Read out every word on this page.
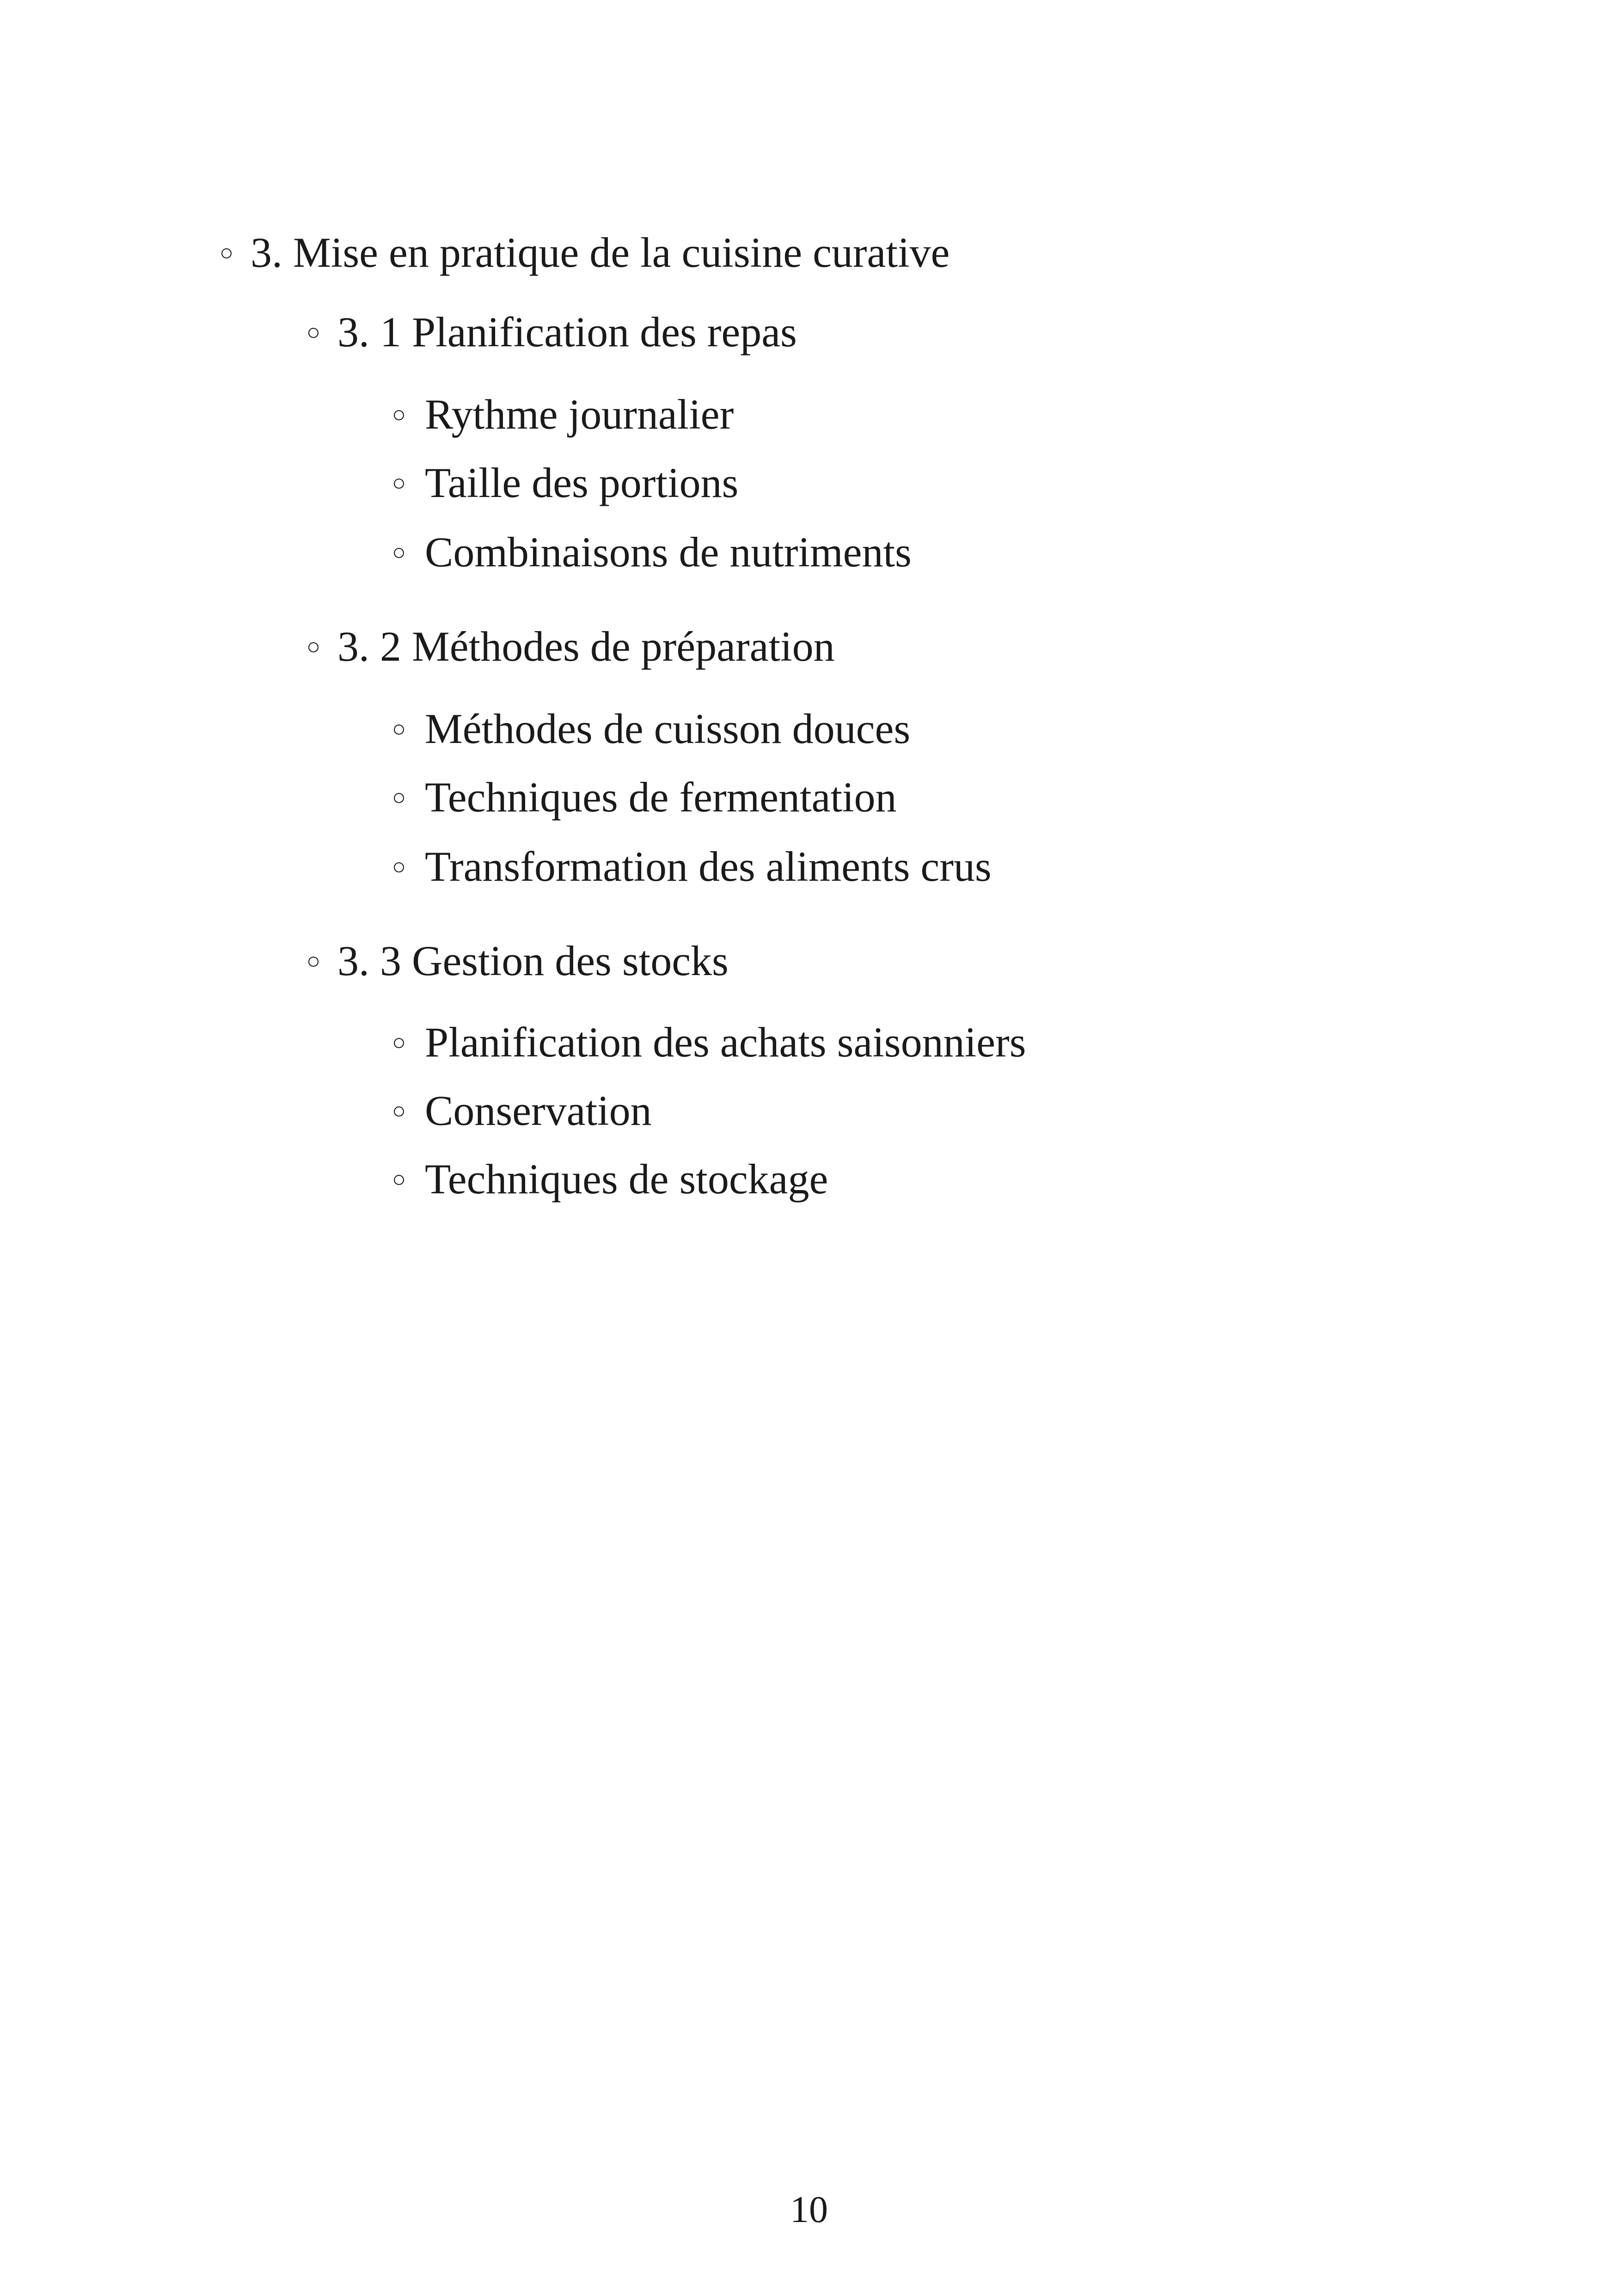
○ 3. Mise en pratique de la cuisine curative
○ 3. 1 Planification des repas
○ Rythme journalier
○ Taille des portions
○ Combinaisons de nutriments
○ 3. 2 Méthodes de préparation
○ Méthodes de cuisson douces
○ Techniques de fermentation
○ Transformation des aliments crus
○ 3. 3 Gestion des stocks
○ Planification des achats saisonniers
○ Conservation
○ Techniques de stockage
10
